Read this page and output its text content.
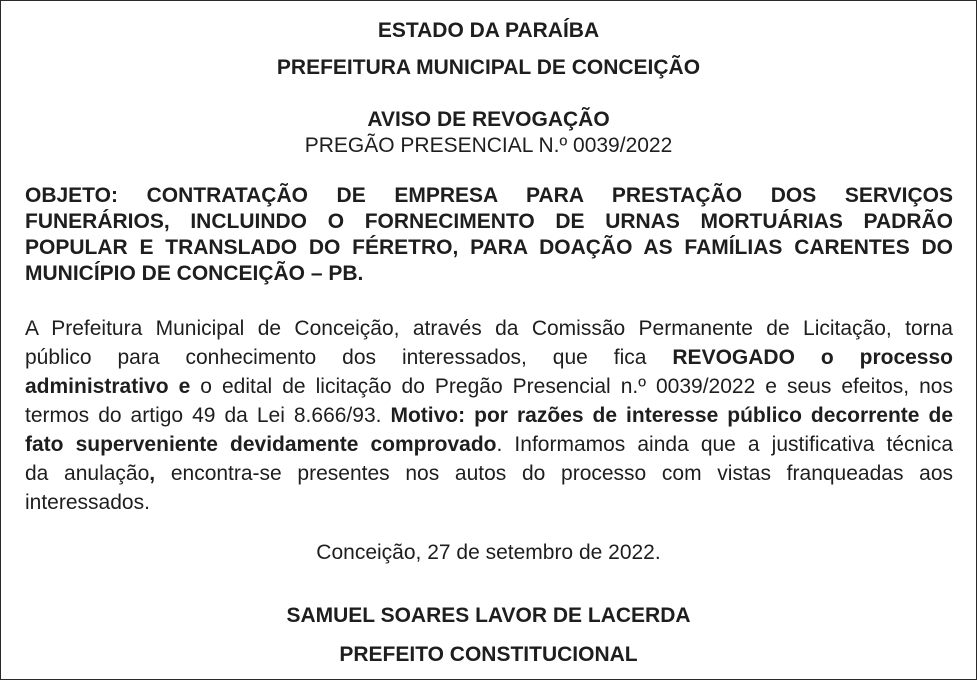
ESTADO DA PARAÍBA
PREFEITURA MUNICIPAL DE CONCEIÇÃO
AVISO DE REVOGAÇÃO
PREGÃO PRESENCIAL N.º 0039/2022
OBJETO: CONTRATAÇÃO DE EMPRESA PARA PRESTAÇÃO DOS SERVIÇOS
FUNERÁRIOS, INCLUINDO O FORNECIMENTO DE URNAS MORTUÁRIAS PADRÃO
POPULAR E TRANSLADO DO FÉRETRO, PARA DOAÇÃO AS FAMÍLIAS CARENTES DO
MUNICÍPIO DE CONCEIÇÃO – PB.
A Prefeitura Municipal de Conceição, através da Comissão Permanente de Licitação, torna
público para conhecimento dos interessados, que fica REVOGADO o processo
administrativo e o edital de licitação do Pregão Presencial n.º 0039/2022 e seus efeitos, nos
termos do artigo 49 da Lei 8.666/93. Motivo: por razões de interesse público decorrente de
fato superveniente devidamente comprovado. Informamos ainda que a justificativa técnica
da anulação, encontra-se presentes nos autos do processo com vistas franqueadas aos
interessados.
Conceição, 27 de setembro de 2022.
SAMUEL SOARES LAVOR DE LACERDA
PREFEITO CONSTITUCIONAL
